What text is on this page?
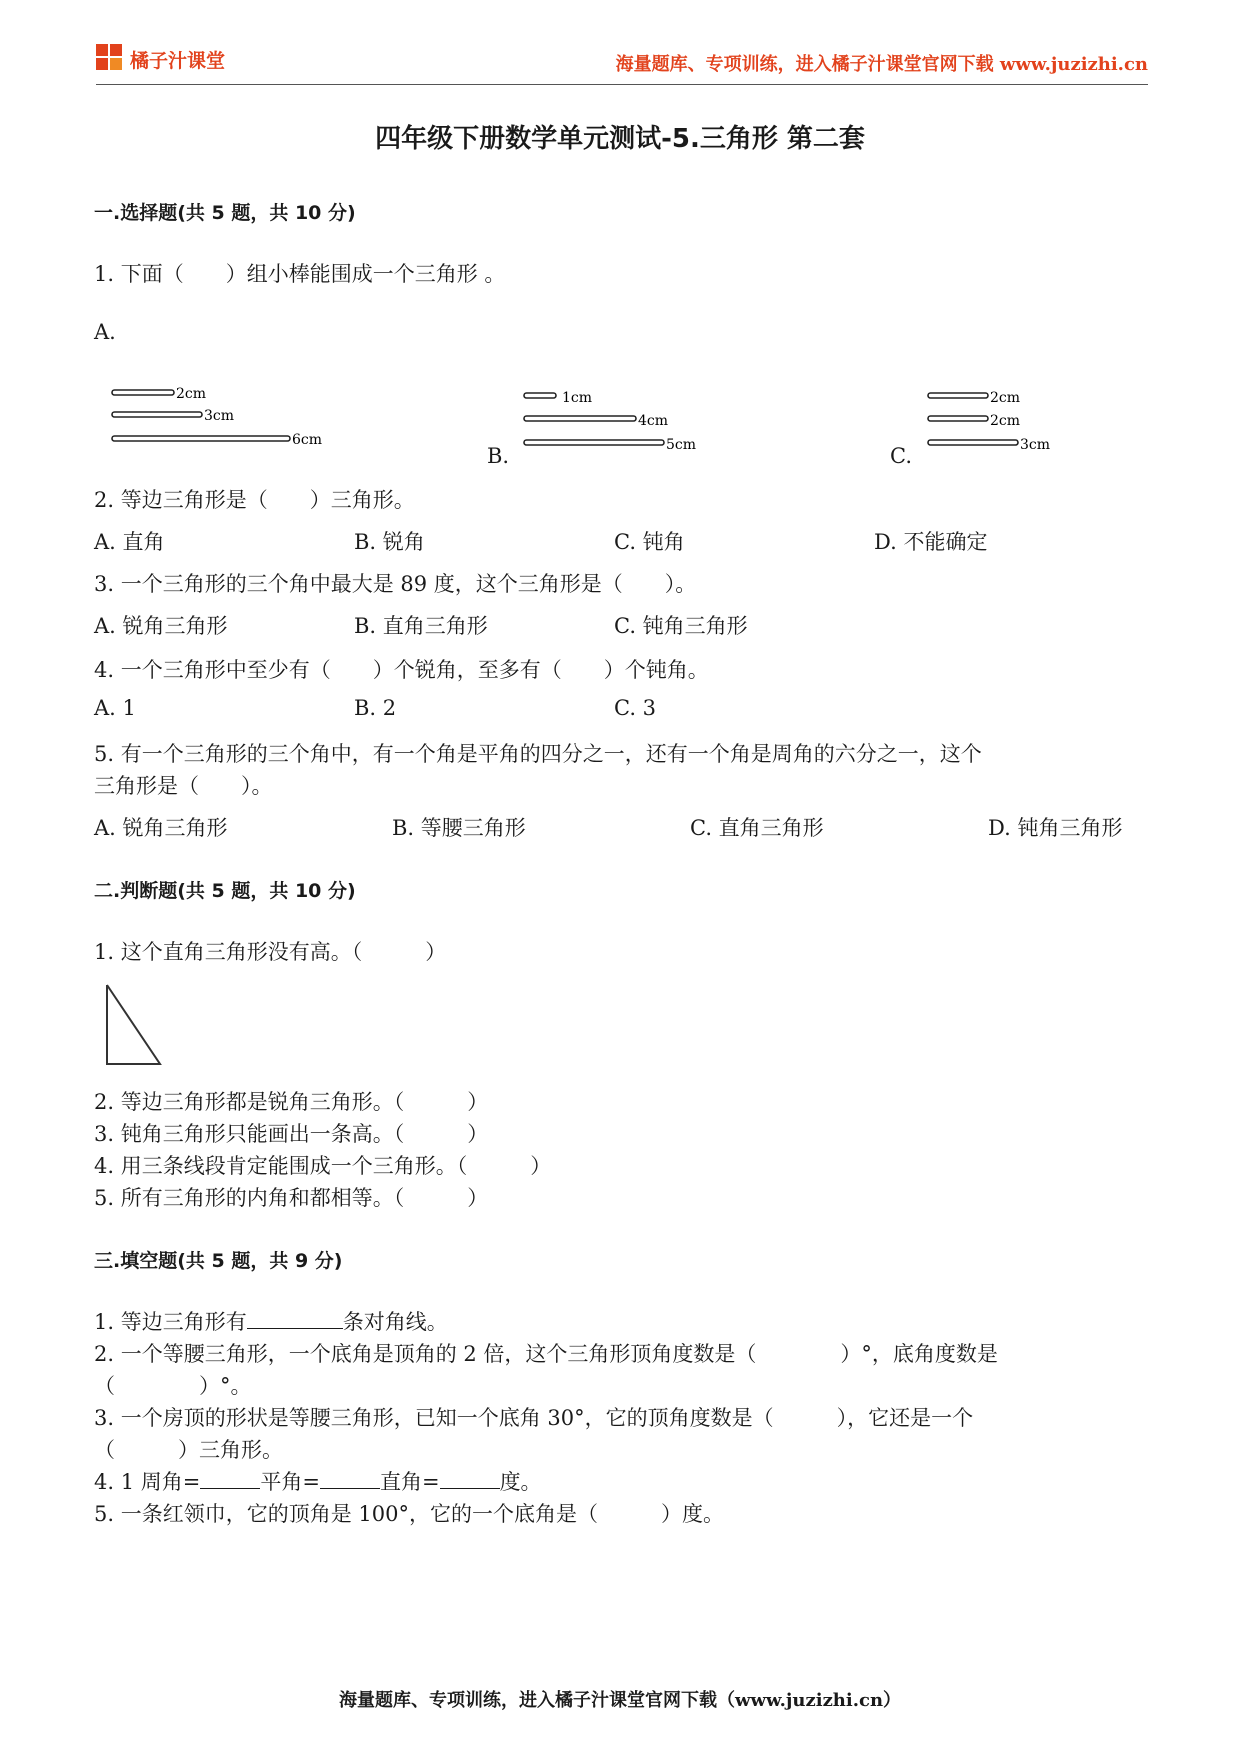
橘子汁课堂	海量题库、专项训练，进入橘子汁课堂官网下载 www.juzizhi.cn
四年级下册数学单元测试-5.三角形 第二套
一.选择题(共 5 题，共 10 分)
1. 下面（　　）组小棒能围成一个三角形 。
A.
2cm
3cm
6cm
B.
1cm
4cm
5cm	C.
2cm
2cm
3cm
2. 等边三角形是（　　）三角形。
A. 直角	B. 锐角	C. 钝角	D. 不能确定
3. 一个三角形的三个角中最大是 89 度，这个三角形是（　　）。
A. 锐角三角形	B. 直角三角形	C. 钝角三角形
4. 一个三角形中至少有（　　）个锐角，至多有（　　）个钝角。
A. 1	B. 2	C. 3
5. 有一个三角形的三个角中，有一个角是平角的四分之一，还有一个角是周角的六分之一，这个
三角形是（　　）。
A. 锐角三角形	B. 等腰三角形	C. 直角三角形	D. 钝角三角形
二.判断题(共 5 题，共 10 分)
1. 这个直角三角形没有高。（　　　）
2. 等边三角形都是锐角三角形。（　　　）
3. 钝角三角形只能画出一条高。（　　　）
4. 用三条线段肯定能围成一个三角形。（　　　）
5. 所有三角形的内角和都相等。（　　　）
三.填空题(共 5 题，共 9 分)
1. 等边三角形有	条对角线。
2. 一个等腰三角形，一个底角是顶角的 2 倍，这个三角形顶角度数是（　　　　）°，底角度数是
（　　　　）°。
3. 一个房顶的形状是等腰三角形，已知一个底角 30°，它的顶角度数是（　　　），它还是一个
（　　　）三角形。
4. 1 周角=	平角=	直角=	度。
5. 一条红领巾，它的顶角是 100°，它的一个底角是（　　　）度。
海量题库、专项训练，进入橘子汁课堂官网下载（www.juzizhi.cn）
